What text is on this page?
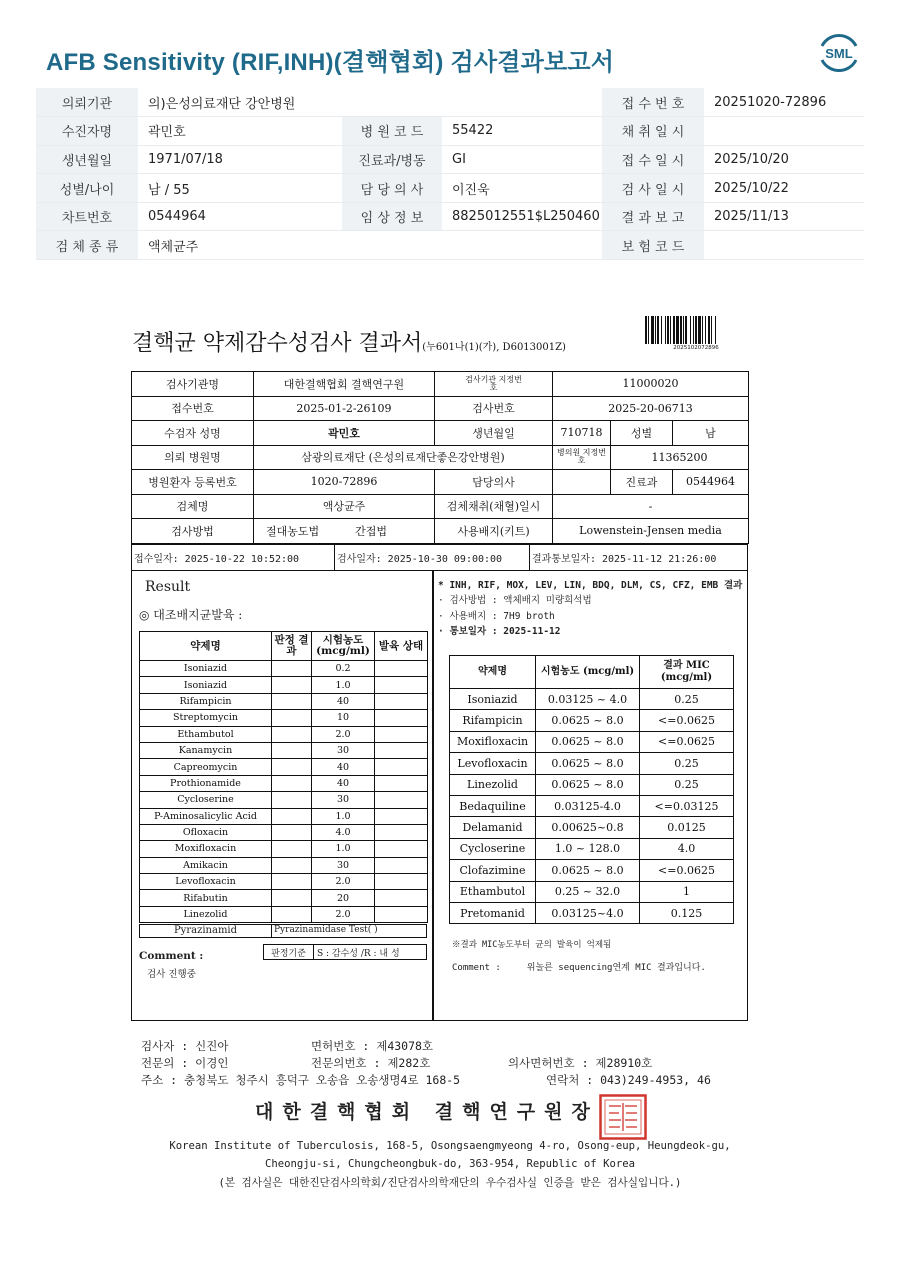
AFB Sensitivity (RIF,INH)(결핵협회) 검사결과보고서	SML
의뢰기관	의)은성의료재단 강안병원			접 수 번 호	20251020-72896
수진자명	곽민호	병 원 코 드	55422	채 취 일 시	
생년월일	1971/07/18	진료과/병동	GI	접 수 일 시	2025/10/20
성별/나이	남 / 55	담 당 의 사	이진욱	검 사 일 시	2025/10/22
차트번호	0544964	임 상 정 보	8825012551$L250460	결 과 보 고	2025/11/13
검 체 종 류	액체균주			보 험 코 드	
결핵균 약제감수성검사 결과서(누601나(1)(가), D6013001Z)	2025102072896
검사기관명	대한결핵협회 결핵연구원	검사기관 지정번호	11000020		
접수번호	2025-01-2-26109	검사번호	2025-20-06713		
수검자 성명	곽민호	생년월일	710718	성별	남
의뢰 병원명	삼광의료재단 (은성의료재단좋은강안병원)		병의원 지정번호	11365200	
병원환자 등록번호	1020-72896	담당의사		진료과	0544964
검체명	액상균주	검체채취(채혈)일시	-		
검사방법	절대농도법 간접법	사용배지(키트)	Lowenstein-Jensen media		
접수일자: 2025-10-22 10:52:00	검사일자: 2025-10-30 09:00:00	결과통보일자: 2025-11-12 21:26:00
Result
◎ 대조배지균발육 :
약제명	판정 결과	시험농도 (mcg/ml)	발육 상태
Isoniazid		0.2	
Isoniazid		1.0	
Rifampicin		40	
Streptomycin		10	
Ethambutol		2.0	
Kanamycin		30	
Capreomycin		40	
Prothionamide		40	
Cycloserine		30	
P-Aminosalicylic Acid		1.0	
Ofloxacin		4.0	
Moxifloxacin		1.0	
Amikacin		30	
Levofloxacin		2.0	
Rifabutin		20	
Linezolid		2.0	
Pyrazinamid	Pyrazinamidase Test( )
판정기준	S : 감수성 /R : 내 성
Comment :
검사 진행중
* INH, RIF, MOX, LEV, LIN, BDQ, DLM, CS, CFZ, EMB 결과
· 검사방법 : 액체배지 미량희석법
· 사용배지 : 7H9 broth
· 통보일자 : 2025-11-12
약제명	시험농도 (mcg/ml)	결과 MIC (mcg/ml)
Isoniazid	0.03125 ~ 4.0	0.25
Rifampicin	0.0625 ~ 8.0	<=0.0625
Moxifloxacin	0.0625 ~ 8.0	<=0.0625
Levofloxacin	0.0625 ~ 8.0	0.25
Linezolid	0.0625 ~ 8.0	0.25
Bedaquiline	0.03125-4.0	<=0.03125
Delamanid	0.00625~0.8	0.0125
Cycloserine	1.0 ~ 128.0	4.0
Clofazimine	0.0625 ~ 8.0	<=0.0625
Ethambutol	0.25 ~ 32.0	1
Pretomanid	0.03125~4.0	0.125
※결과 MIC농도부터 균의 발육이 억제됨
Comment :	위놀른 sequencing연계 MIC 결과입니다.
검사자 : 신진아	면허번호 : 제43078호
전문의 : 이경인	전문의번호 : 제282호	의사면허번호 : 제28910호
주소 : 충청북도 청주시 흥덕구 오송읍 오송생명4로 168-5	연락처 : 043)249-4953, 46
대한결핵협회 결핵연구원장
Korean Institute of Tuberculosis, 168-5, Osongsaengmyeong 4-ro, Osong-eup, Heungdeok-gu,
Cheongju-si, Chungcheongbuk-do, 363-954, Republic of Korea
(본 검사실은 대한진단검사의학회/진단검사의학재단의 우수검사실 인증을 받은 검사실입니다.)
